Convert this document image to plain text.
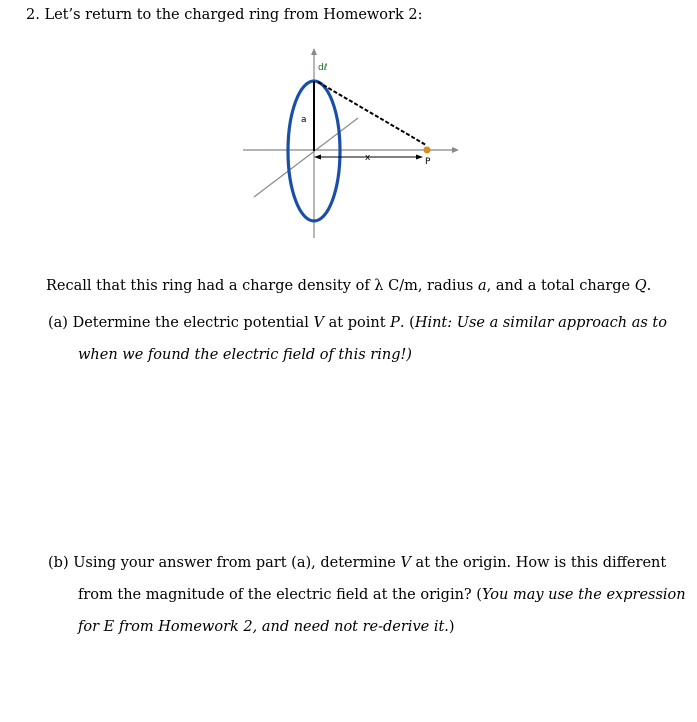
2. Let’s return to the charged ring from Homework 2:
dℓ
a
x	P
Recall that this ring had a charge density of λ C/m, radius a, and a total charge Q.
(a) Determine the electric potential V at point P. (Hint: Use a similar approach as to
when we found the electric field of this ring!)
(b) Using your answer from part (a), determine V at the origin. How is this different
from the magnitude of the electric field at the origin? (You may use the expression
for E from Homework 2, and need not re-derive it.)
